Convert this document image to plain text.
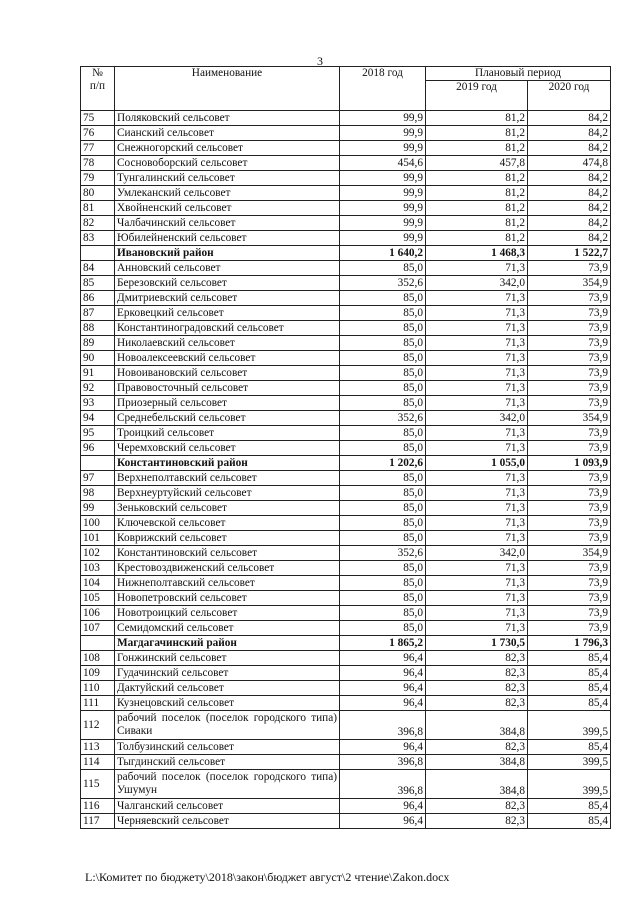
3
№
п/п	Наименование	2018 год	Плановый период	
			2019 год	2020 год
75	Поляковский сельсовет	99,9	81,2	84,2
76	Сианский сельсовет	99,9	81,2	84,2
77	Снежногорский сельсовет	99,9	81,2	84,2
78	Сосновоборский сельсовет	454,6	457,8	474,8
79	Тунгалинский сельсовет	99,9	81,2	84,2
80	Умлеканский сельсовет	99,9	81,2	84,2
81	Хвойненский сельсовет	99,9	81,2	84,2
82	Чалбачинский сельсовет	99,9	81,2	84,2
83	Юбилейненский сельсовет	99,9	81,2	84,2
	Ивановский район	1 640,2	1 468,3	1 522,7
84	Анновский сельсовет	85,0	71,3	73,9
85	Березовский сельсовет	352,6	342,0	354,9
86	Дмитриевский сельсовет	85,0	71,3	73,9
87	Ерковецкий сельсовет	85,0	71,3	73,9
88	Константиноградовский сельсовет	85,0	71,3	73,9
89	Николаевский сельсовет	85,0	71,3	73,9
90	Новоалексеевский сельсовет	85,0	71,3	73,9
91	Новоивановский сельсовет	85,0	71,3	73,9
92	Правовосточный сельсовет	85,0	71,3	73,9
93	Приозерный сельсовет	85,0	71,3	73,9
94	Среднебельский сельсовет	352,6	342,0	354,9
95	Троицкий сельсовет	85,0	71,3	73,9
96	Черемховский сельсовет	85,0	71,3	73,9
	Константиновский район	1 202,6	1 055,0	1 093,9
97	Верхнеполтавский сельсовет	85,0	71,3	73,9
98	Верхнеуртуйский сельсовет	85,0	71,3	73,9
99	Зеньковский сельсовет	85,0	71,3	73,9
100	Ключевской сельсовет	85,0	71,3	73,9
101	Коврижский сельсовет	85,0	71,3	73,9
102	Константиновский сельсовет	352,6	342,0	354,9
103	Крестовоздвиженский сельсовет	85,0	71,3	73,9
104	Нижнеполтавский сельсовет	85,0	71,3	73,9
105	Новопетровский сельсовет	85,0	71,3	73,9
106	Новотроицкий сельсовет	85,0	71,3	73,9
107	Семидомский сельсовет	85,0	71,3	73,9
	Магдагачинский район	1 865,2	1 730,5	1 796,3
108	Гонжинский сельсовет	96,4	82,3	85,4
109	Гудачинский сельсовет	96,4	82,3	85,4
110	Дактуйский сельсовет	96,4	82,3	85,4
111	Кузнецовский сельсовет	96,4	82,3	85,4
112	рабочий поселок (поселок городского типа) Сиваки	396,8	384,8	399,5
113	Толбузинский сельсовет	96,4	82,3	85,4
114	Тыгдинский сельсовет	396,8	384,8	399,5
115	рабочий поселок (поселок городского типа) Ушумун	396,8	384,8	399,5
116	Чалганский сельсовет	96,4	82,3	85,4
117	Черняевский сельсовет	96,4	82,3	85,4
L:\Комитет по бюджету\2018\закон\бюджет август\2 чтение\Zakon.docx
